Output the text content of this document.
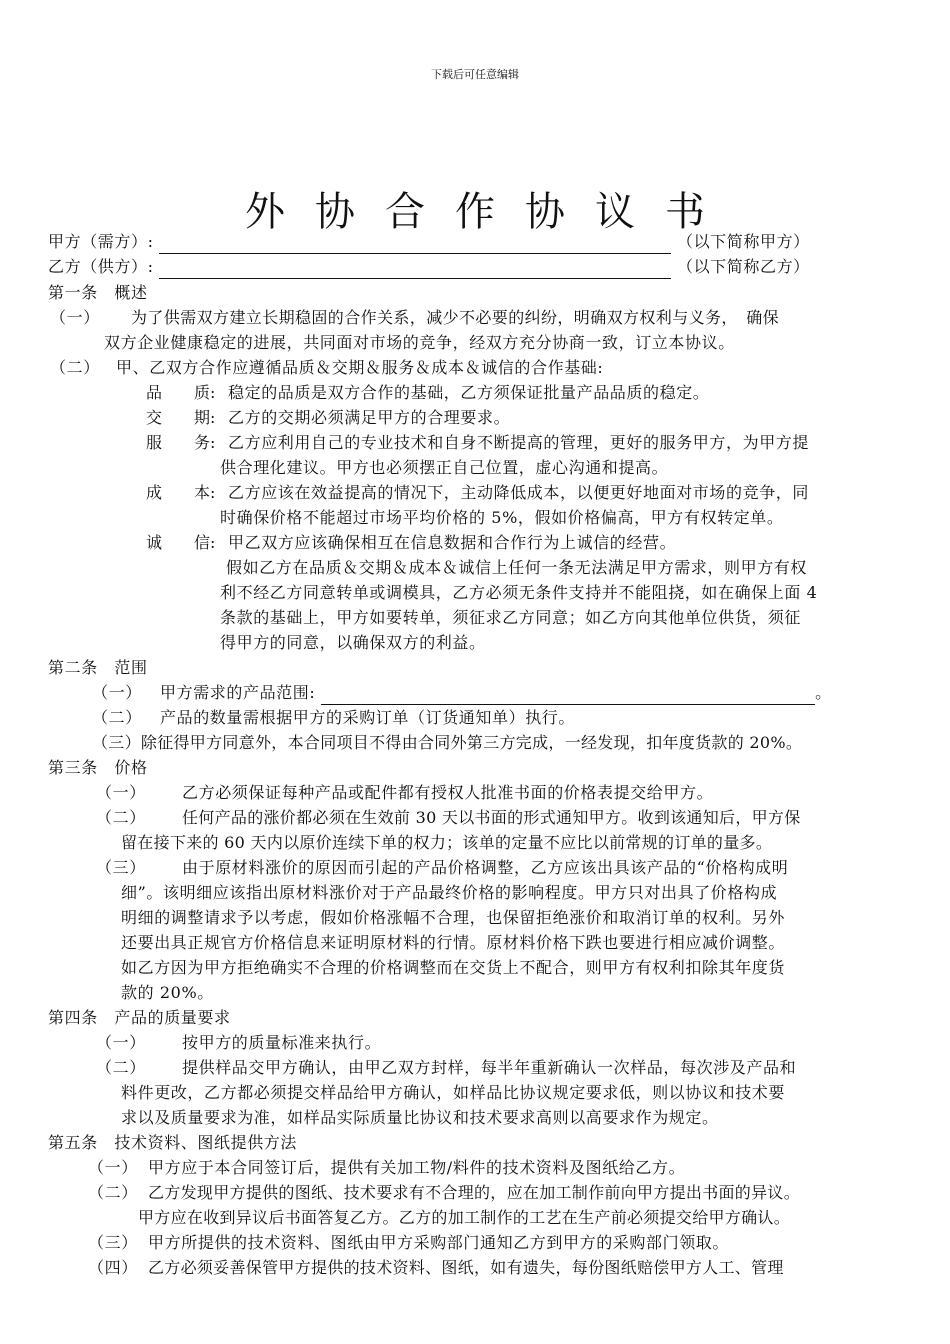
下载后可任意编辑
外协合作协议书
甲方（需方）:	（以下简称甲方）
乙方（供方）:	（以下简称乙方）
第一条　概述
（一） 为了供需双方建立长期稳固的合作关系，减少不必要的纠纷，明确双方权利与义务，　确保
双方企业健康稳定的进展，共同面对市场的竞争，经双方充分协商一致，订立本协议。
（二） 甲、乙双方合作应遵循品质＆交期＆服务＆成本＆诚信的合作基础:
品　　质: 稳定的品质是双方合作的基础，乙方须保证批量产品品质的稳定。
交　　期: 乙方的交期必须满足甲方的合理要求。
服　　务: 乙方应利用自己的专业技术和自身不断提高的管理，更好的服务甲方，为甲方提
供合理化建议。甲方也必须摆正自己位置，虚心沟通和提高。
成　　本: 乙方应该在效益提高的情况下，主动降低成本，以便更好地面对市场的竞争，同
时确保价格不能超过市场平均价格的 5%，假如价格偏高，甲方有权转定单。
诚　　信: 甲乙双方应该确保相互在信息数据和合作行为上诚信的经营。
假如乙方在品质＆交期＆成本＆诚信上任何一条无法满足甲方需求，则甲方有权
利不经乙方同意转单或调模具，乙方必须无条件支持并不能阻挠，如在确保上面 4
条款的基础上，甲方如要转单，须征求乙方同意；如乙方向其他单位供货，须征
得甲方的同意，以确保双方的利益。
第二条　范围
（一） 甲方需求的产品范围:	。
（二） 产品的数量需根据甲方的采购订单（订货通知单）执行。
（三）除征得甲方同意外，本合同项目不得由合同外第三方完成，一经发现，扣年度货款的 20%。
第三条　价格
（一） 乙方必须保证每种产品或配件都有授权人批准书面的价格表提交给甲方。
（二） 任何产品的涨价都必须在生效前 30 天以书面的形式通知甲方。收到该通知后，甲方保
留在接下来的 60 天内以原价连续下单的权力；该单的定量不应比以前常规的订单的量多。
（三） 由于原材料涨价的原因而引起的产品价格调整，乙方应该出具该产品的“价格构成明
细”。该明细应该指出原材料涨价对于产品最终价格的影响程度。甲方只对出具了价格构成
明细的调整请求予以考虑，假如价格涨幅不合理，也保留拒绝涨价和取消订单的权利。另外
还要出具正规官方价格信息来证明原材料的行情。原材料价格下跌也要进行相应减价调整。
如乙方因为甲方拒绝确实不合理的价格调整而在交货上不配合，则甲方有权利扣除其年度货
款的 20%。
第四条　产品的质量要求
（一） 按甲方的质量标准来执行。
（二） 提供样品交甲方确认，由甲乙双方封样，每半年重新确认一次样品，每次涉及产品和
料件更改，乙方都必须提交样品给甲方确认，如样品比协议规定要求低，则以协议和技术要
求以及质量要求为准，如样品实际质量比协议和技术要求高则以高要求作为规定。
第五条　技术资料、图纸提供方法
（一） 甲方应于本合同签订后，提供有关加工物/料件的技术资料及图纸给乙方。
（二） 乙方发现甲方提供的图纸、技术要求有不合理的，应在加工制作前向甲方提出书面的异议。
甲方应在收到异议后书面答复乙方。乙方的加工制作的工艺在生产前必须提交给甲方确认。
（三） 甲方所提供的技术资料、图纸由甲方采购部门通知乙方到甲方的采购部门领取。
（四） 乙方必须妥善保管甲方提供的技术资料、图纸，如有遗失，每份图纸赔偿甲方人工、管理
